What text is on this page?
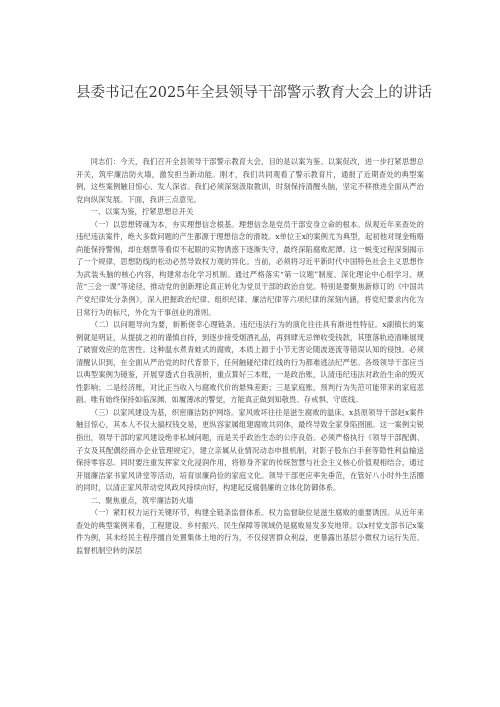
县委书记在2025年全县领导干部警示教育大会上的讲话

同志们：今天，我们召开全县领导干部警示教育大会，目的是以案为鉴、以案促改，进一步打紧思想总开关，筑牢廉洁防火墙，激发担当新动能。刚才，我们共同观看了警示教育片，通报了近期查处的典型案例，这些案例触目惊心、发人深省。我们必须深刻汲取教训，时刻保持清醒头脑，坚定不移推进全面从严治党向纵深发展。下面，我讲三点意见。

一、以案为鉴，拧紧思想总开关

（一）以思想铸魂为本，夯实理想信念根基。理想信念是党员干部安身立命的根本。纵观近年来查处的违纪违法案件，绝大多数问题的产生都源于理想信念的滑坡。x单位王x的案例尤为典型，起初他对现金贿赂尚能保持警惕，却在烟票等看似不起眼的实物诱惑下逐渐失守，最终深陷腐败泥潭。这一蜕变过程深刻揭示了一个规律，思想防线的松动必然导致权力观的异化。当前，必须将习近平新时代中国特色社会主义思想作为武装头脑的核心内容，构建常态化学习机制。通过严格落实“第一议题”制度、深化理论中心组学习、规范“三会一课”等途径，推动党的创新理论真正转化为党员干部的政治自觉。特别是要聚焦新修订的《中国共产党纪律处分条例》，深入把握政治纪律、组织纪律、廉洁纪律等六项纪律的深刻内涵，将党纪要求内化为日常行为的标尺，外化为干事创业的准则。

（二）以问题导向为要，斩断侥幸心理链条。违纪违法行为的演化往往具有渐进性特征。x副镇长的案例就是明证，从提拔之初的谨慎自持，到逐步接受烟酒礼品，再到肆无忌惮收受钱款，其堕落轨迹清晰展现了破窗效应的危害性。这种温水煮青蛙式的腐败，本质上源于小节无害论随波逐流等错误认知的侵蚀。必须清醒认识到，在全面从严治党的时代背景下，任何触碰纪律红线的行为都难逃法纪严惩。各级领导干部应当以典型案例为镜鉴，开展穿透式自我剖析，重点算好三本账，一是政治账，认清违纪违法对政治生命的毁灭性影响；二是经济账，对比正当收入与腐败代价的悬殊差距；三是家庭账，预判行为失范可能带来的家庭悲剧。唯有始终保持如临深渊、如履薄冰的警觉，方能真正做到知敬畏、存戒惧、守底线。

（三）以家风建设为基，织密廉洁防护网络。家风败坏往往是滋生腐败的温床。x县原领导干部赵x案件触目惊心，其本人不仅大搞权钱交易，更纵容家属组建腐败共同体，最终导致全家身陷囹圄。这一案例尖锐指出，领导干部的家风建设绝非私域问题，而是关乎政治生态的公序良俗。必须严格执行《领导干部配偶、子女及其配偶经商办企业管理规定》，建立亲属从业情况动态申报机制，对影子股东白手套等隐性利益输送保持零容忍。同时要注重发挥家文化浸润作用，将修身齐家的传统智慧与社会主义核心价值观相结合，通过开展廉洁家书家风讲堂等活动，培育崇廉尚俭的家庭文化。领导干部更应率先垂范，在管好八小时外生活圈的同时，以清正家风带动党风政风持续向好，构建起反腐倡廉的立体化防御体系。

二、聚焦重点，筑牢廉洁防火墙

（一）紧盯权力运行关键环节，构建全链条监督体系。权力监督缺位是滋生腐败的重要诱因。从近年来查处的典型案例来看，工程建设、乡村振兴、民生保障等领域仍是腐败易发多发地带。以x村党支部书记x案件为例，其未经民主程序擅自处置集体土地的行为，不仅侵害群众利益，更暴露出基层小微权力运行失范、监督机制空转的深层
